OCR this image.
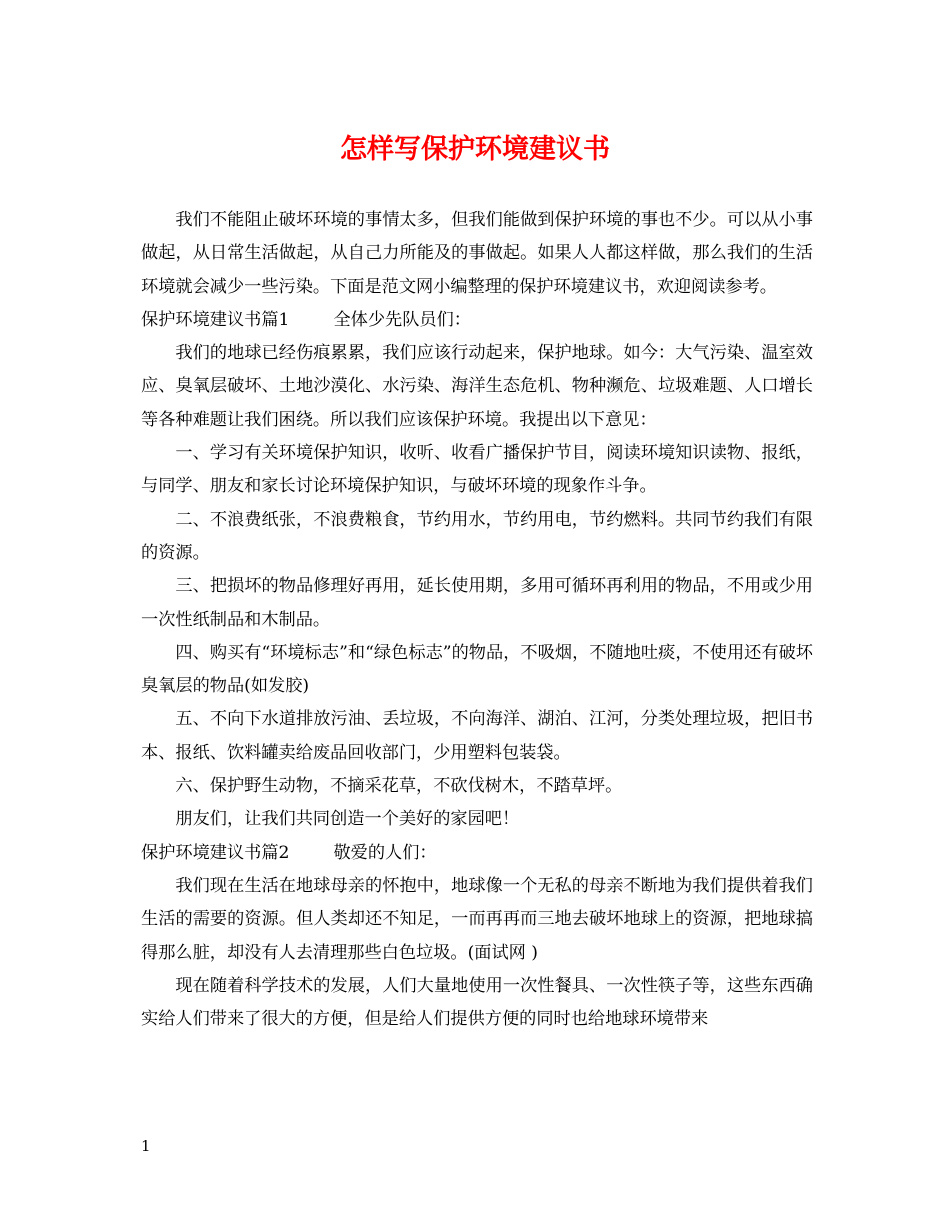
怎样写保护环境建议书

我们不能阻止破坏环境的事情太多，但我们能做到保护环境的事也不少。可以从小事做起，从日常生活做起，从自己力所能及的事做起。如果人人都这样做，那么我们的生活环境就会减少一些污染。下面是范文网小编整理的保护环境建议书，欢迎阅读参考。

保护环境建议书篇1	全体少先队员们：

我们的地球已经伤痕累累，我们应该行动起来，保护地球。如今：大气污染、温室效应、臭氧层破坏、土地沙漠化、水污染、海洋生态危机、物种濒危、垃圾难题、人口增长等各种难题让我们困绕。所以我们应该保护环境。我提出以下意见：

一、学习有关环境保护知识，收听、收看广播保护节目，阅读环境知识读物、报纸，与同学、朋友和家长讨论环境保护知识，与破坏环境的现象作斗争。

二、不浪费纸张，不浪费粮食，节约用水，节约用电，节约燃料。共同节约我们有限的资源。

三、把损坏的物品修理好再用，延长使用期，多用可循环再利用的物品，不用或少用一次性纸制品和木制品。

四、购买有“环境标志”和“绿色标志”的物品，不吸烟，不随地吐痰，不使用还有破坏臭氧层的物品(如发胶)

五、不向下水道排放污油、丢垃圾，不向海洋、湖泊、江河，分类处理垃圾，把旧书本、报纸、饮料罐卖给废品回收部门，少用塑料包装袋。

六、保护野生动物，不摘采花草，不砍伐树木，不踏草坪。

朋友们，让我们共同创造一个美好的家园吧！

保护环境建议书篇2	敬爱的人们：

我们现在生活在地球母亲的怀抱中，地球像一个无私的母亲不断地为我们提供着我们生活的需要的资源。但人类却还不知足，一而再再而三地去破坏地球上的资源，把地球搞得那么脏，却没有人去清理那些白色垃圾。(面试网 )

现在随着科学技术的发展，人们大量地使用一次性餐具、一次性筷子等，这些东西确实给人们带来了很大的方便，但是给人们提供方便的同时也给地球环境带来

1
